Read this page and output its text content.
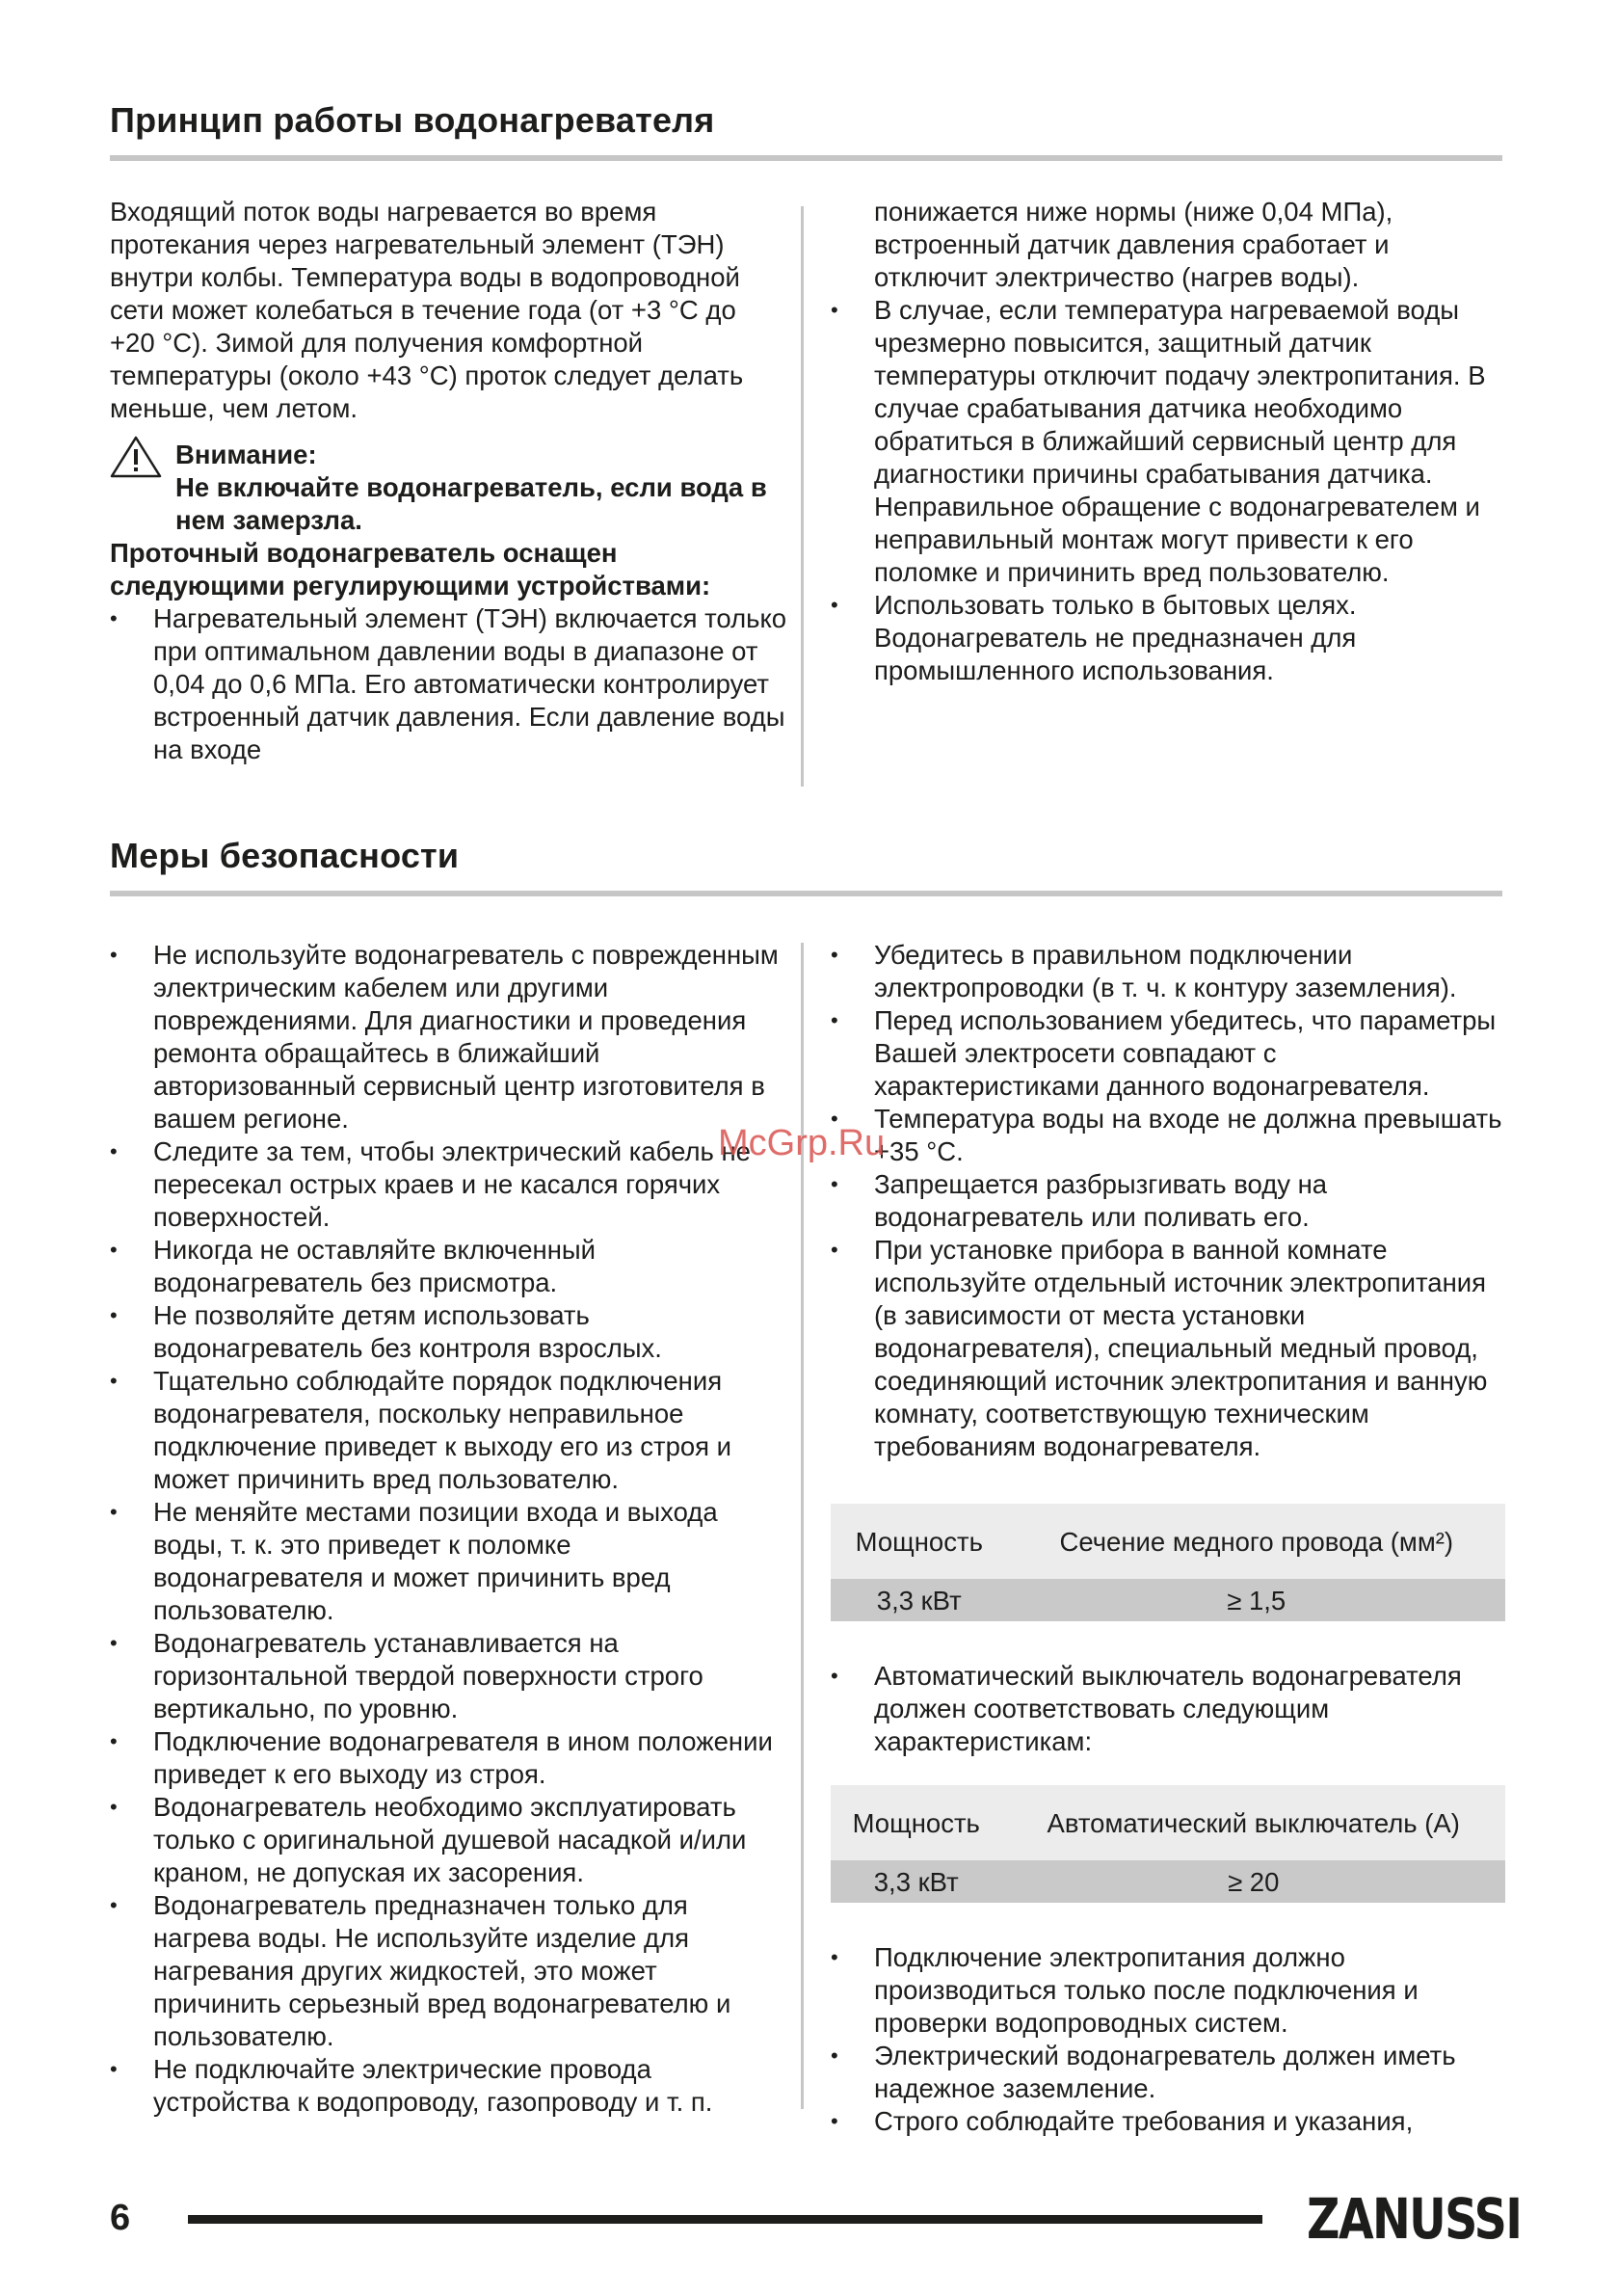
Принцип работы водонагревателя

Входящий поток воды нагревается во время протекания через нагревательный элемент (ТЭН) внутри колбы. Температура воды в водопроводной сети может колебаться в течение года (от +3 °C до +20 °C). Зимой для получения комфортной температуры (около +43 °C) проток следует делать меньше, чем летом.

Внимание:
Не включайте водонагреватель, если вода в нем замерзла.

Проточный водонагреватель оснащен следующими регулирующими устройствами:

• Нагревательный элемент (ТЭН) включается только при оптимальном давлении воды в диапазоне от 0,04 до 0,6 МПа. Его автоматически контролирует встроенный датчик давления. Если давление воды на входе

понижается ниже нормы (ниже 0,04 МПа), встроенный датчик давления сработает и отключит электричество (нагрев воды).

• В случае, если температура нагреваемой воды чрезмерно повысится, защитный датчик температуры отключит подачу электропитания. В случае срабатывания датчика необходимо обратиться в ближайший сервисный центр для диагностики причины срабатывания датчика. Неправильное обращение с водонагревателем и неправильный монтаж могут привести к его поломке и причинить вред пользователю.
• Использовать только в бытовых целях. Водонагреватель не предназначен для промышленного использования.
Меры безопасности
• Не используйте водонагреватель с поврежденным электрическим кабелем или другими повреждениями. Для диагностики и проведения ремонта обращайтесь в ближайший авторизованный сервисный центр изготовителя в вашем регионе.
• Следите за тем, чтобы электрический кабель не пересекал острых краев и не касался горячих поверхностей.
• Никогда не оставляйте включенный водонагреватель без присмотра.
• Не позволяйте детям использовать водонагреватель без контроля взрослых.
• Тщательно соблюдайте порядок подключения водонагревателя, поскольку неправильное подключение приведет к выходу его из строя и может причинить вред пользователю.
• Не меняйте местами позиции входа и выхода воды, т. к. это приведет к поломке водонагревателя и может причинить вред пользователю.
• Водонагреватель устанавливается на горизонтальной твердой поверхности строго вертикально, по уровню.
• Подключение водонагревателя в ином положении приведет к его выходу из строя.
• Водонагреватель необходимо эксплуатировать только с оригинальной душевой насадкой и/или краном, не допуская их засорения.
• Водонагреватель предназначен только для нагрева воды. Не используйте изделие для нагревания других жидкостей, это может причинить серьезный вред водонагревателю и пользователю.
• Не подключайте электрические провода устройства к водопроводу, газопроводу и т. п.
• Убедитесь в правильном подключении электропроводки (в т. ч. к контуру заземления).
• Перед использованием убедитесь, что параметры Вашей электросети совпадают с характеристиками данного водонагревателя.
• Температура воды на входе не должна превышать +35 °C.
• Запрещается разбрызгивать воду на водонагреватель или поливать его.
• При установке прибора в ванной комнате используйте отдельный источник электропитания (в зависимости от места установки водонагревателя), специальный медный провод, соединяющий источник электропитания и ванную комнату, соответствующую техническим требованиям водонагревателя.
Мощность	Сечение медного провода (мм²)
3,3 кВт	≥ 1,5
• Автоматический выключатель водонагревателя должен соответствовать следующим характеристикам:
Мощность	Автоматический выключатель (А)
3,3 кВт	≥ 20
• Подключение электропитания должно производиться только после подключения и проверки водопроводных систем.
• Электрический водонагреватель должен иметь надежное заземление.
• Строго соблюдайте требования и указания,
McGrp.Ru
6	ZANUSSI
